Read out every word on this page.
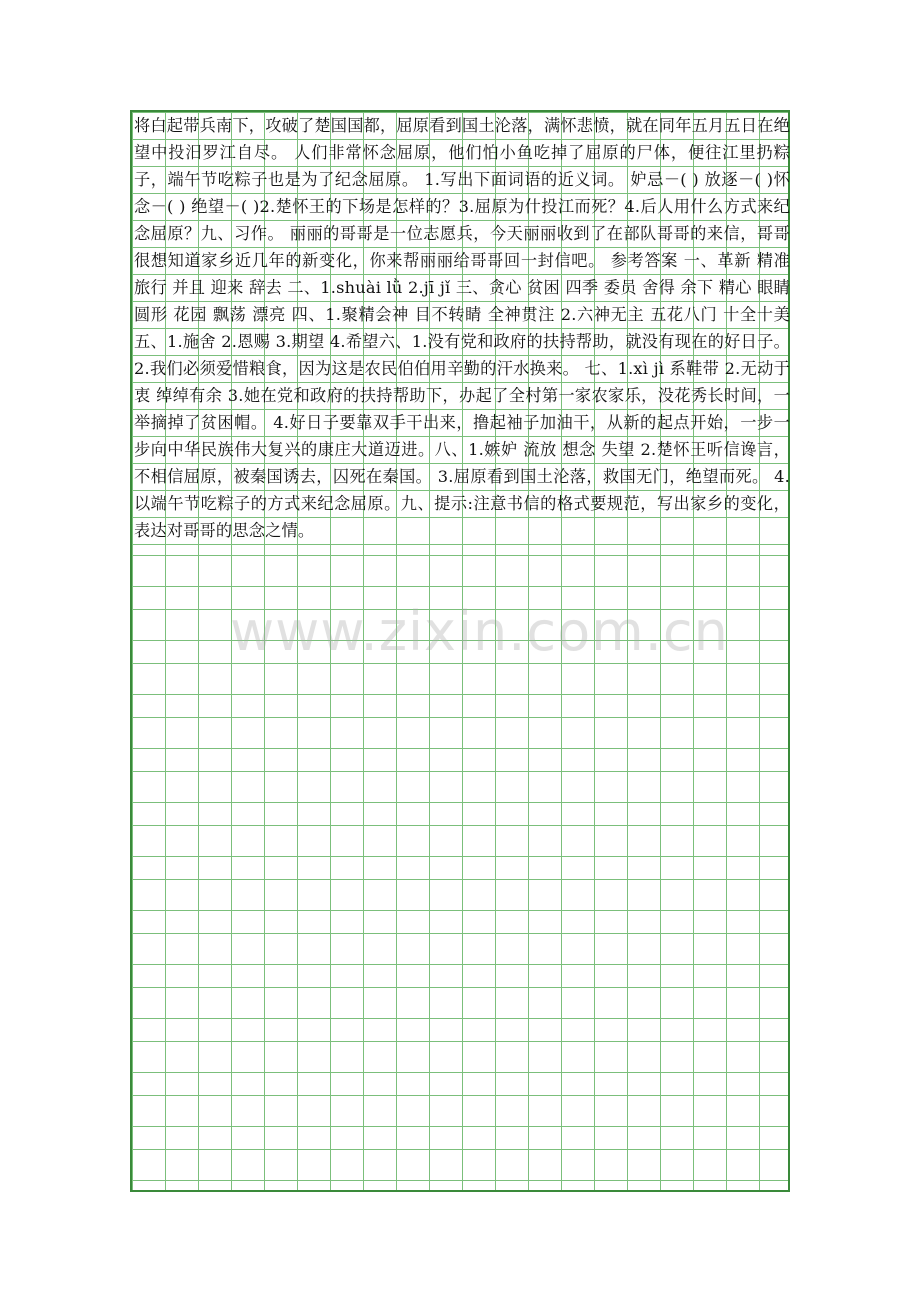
将白起带兵南下，攻破了楚国国都，屈原看到国土沦落，满怀悲愤，就在同年五月五日在绝望中投汨罗江自尽。 人们非常怀念屈原，他们怕小鱼吃掉了屈原的尸体，便往江里扔粽子，端午节吃粽子也是为了纪念屈原。 1.写出下面词语的近义词。 妒忌－( ) 放逐－( )怀念－( ) 绝望－( )2.楚怀王的下场是怎样的？3.屈原为什投江而死？4.后人用什么方式来纪念屈原？九、习作。 丽丽的哥哥是一位志愿兵，今天丽丽收到了在部队哥哥的来信，哥哥很想知道家乡近几年的新变化，你来帮丽丽给哥哥回一封信吧。 参考答案 一、革新 精准 旅行 并且 迎来 辞去 二、1.shuài lǜ 2.jī jǐ 三、贪心 贫困 四季 委员 舍得 余下 精心 眼睛 圆形 花园 飘荡 漂亮 四、1.聚精会神 目不转睛 全神贯注 2.六神无主 五花八门 十全十美 五、1.施舍 2.恩赐 3.期望 4.希望六、1.没有党和政府的扶持帮助，就没有现在的好日子。 2.我们必须爱惜粮食，因为这是农民伯伯用辛勤的汗水换来。 七、1.xì jì 系鞋带 2.无动于衷 绰绰有余 3.她在党和政府的扶持帮助下，办起了全村第一家农家乐，没花秀长时间，一举摘掉了贫困帽。 4.好日子要靠双手干出来，撸起袖子加油干，从新的起点开始，一步一步向中华民族伟大复兴的康庄大道迈进。八、1.嫉妒 流放 想念 失望 2.楚怀王听信谗言，不相信屈原，被秦国诱去，囚死在秦国。 3.屈原看到国土沦落，救国无门，绝望而死。 4.以端午节吃粽子的方式来纪念屈原。九、提示:注意书信的格式要规范，写出家乡的变化，表达对哥哥的思念之情。
www.zixin.com.cn
